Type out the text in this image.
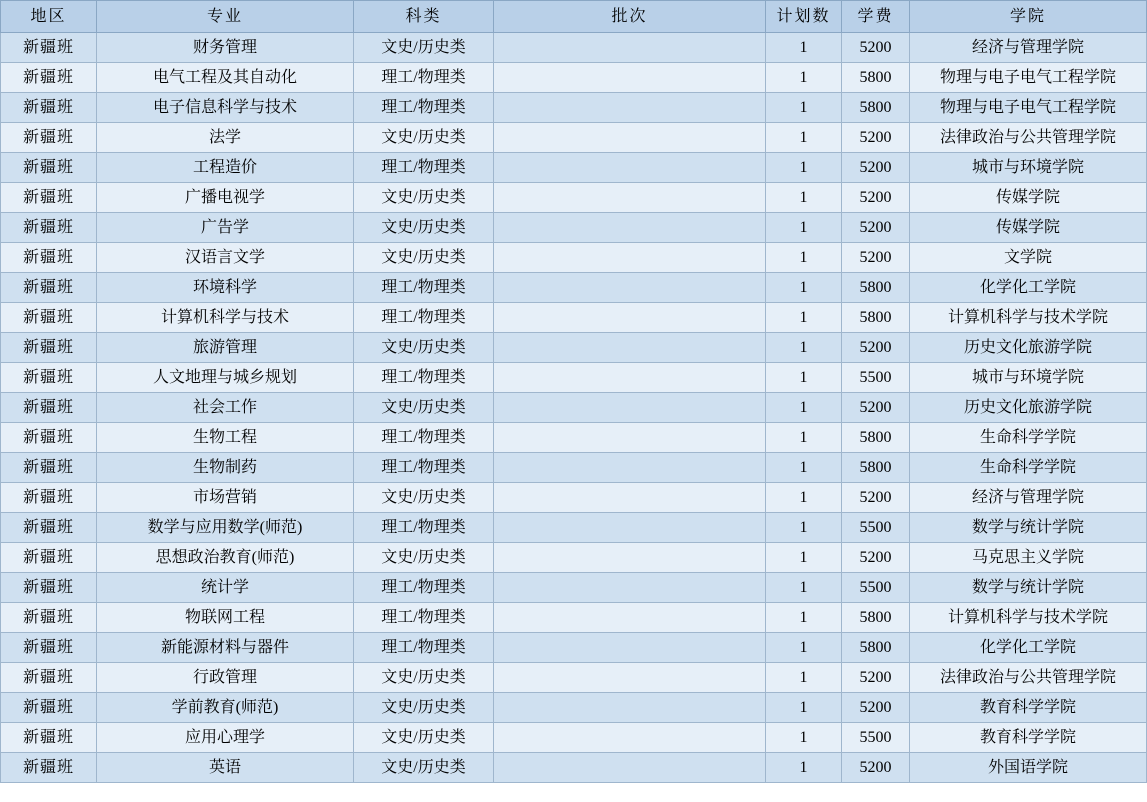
地区	专业	科类	批次	计划数	学费	学院
新疆班	财务管理	文史/历史类		1	5200	经济与管理学院
新疆班	电气工程及其自动化	理工/物理类		1	5800	物理与电子电气工程学院
新疆班	电子信息科学与技术	理工/物理类		1	5800	物理与电子电气工程学院
新疆班	法学	文史/历史类		1	5200	法律政治与公共管理学院
新疆班	工程造价	理工/物理类		1	5200	城市与环境学院
新疆班	广播电视学	文史/历史类		1	5200	传媒学院
新疆班	广告学	文史/历史类		1	5200	传媒学院
新疆班	汉语言文学	文史/历史类		1	5200	文学院
新疆班	环境科学	理工/物理类		1	5800	化学化工学院
新疆班	计算机科学与技术	理工/物理类		1	5800	计算机科学与技术学院
新疆班	旅游管理	文史/历史类		1	5200	历史文化旅游学院
新疆班	人文地理与城乡规划	理工/物理类		1	5500	城市与环境学院
新疆班	社会工作	文史/历史类		1	5200	历史文化旅游学院
新疆班	生物工程	理工/物理类		1	5800	生命科学学院
新疆班	生物制药	理工/物理类		1	5800	生命科学学院
新疆班	市场营销	文史/历史类		1	5200	经济与管理学院
新疆班	数学与应用数学(师范)	理工/物理类		1	5500	数学与统计学院
新疆班	思想政治教育(师范)	文史/历史类		1	5200	马克思主义学院
新疆班	统计学	理工/物理类		1	5500	数学与统计学院
新疆班	物联网工程	理工/物理类		1	5800	计算机科学与技术学院
新疆班	新能源材料与器件	理工/物理类		1	5800	化学化工学院
新疆班	行政管理	文史/历史类		1	5200	法律政治与公共管理学院
新疆班	学前教育(师范)	文史/历史类		1	5200	教育科学学院
新疆班	应用心理学	文史/历史类		1	5500	教育科学学院
新疆班	英语	文史/历史类		1	5200	外国语学院
